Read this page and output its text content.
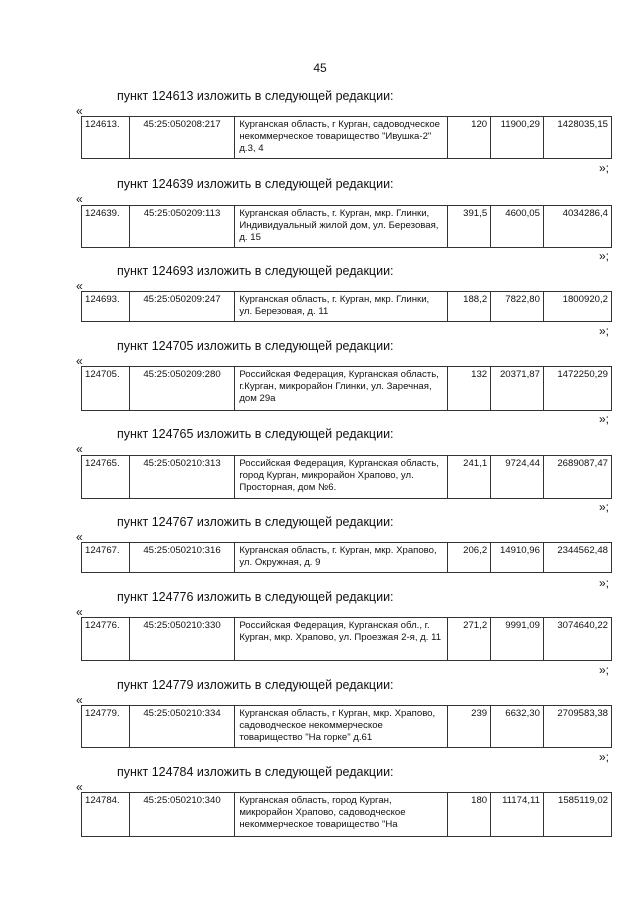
45
пункт 124613 изложить в следующей редакции:
«
124613.	45:25:050208:217	Курганская область, г Курган, садоводческое некоммерческое товарищество "Ивушка-2" д.3, 4	120	11900,29	1428035,15
»;
пункт 124639 изложить в следующей редакции:
«
124639.	45:25:050209:113	Курганская область, г. Курган, мкр. Глинки, Индивидуальный жилой дом, ул. Березовая, д. 15	391,5	4600,05	4034286,4
»;
пункт 124693 изложить в следующей редакции:
«
124693.	45:25:050209:247	Курганская область, г. Курган, мкр. Глинки, ул. Березовая, д. 11	188,2	7822,80	1800920,2
»;
пункт 124705 изложить в следующей редакции:
«
124705.	45:25:050209:280	Российская Федерация, Курганская область, г.Курган, микрорайон Глинки, ул. Заречная, дом 29а	132	20371,87	1472250,29
»;
пункт 124765 изложить в следующей редакции:
«
124765.	45:25:050210:313	Российская Федерация, Курганская область, город Курган, микрорайон Храпово, ул. Просторная, дом №6.	241,1	9724,44	2689087,47
»;
пункт 124767 изложить в следующей редакции:
«
124767.	45:25:050210:316	Курганская область, г. Курган, мкр. Храпово, ул. Окружная, д. 9	206,2	14910,96	2344562,48
»;
пункт 124776 изложить в следующей редакции:
«
124776.	45:25:050210:330	Российская Федерация, Курганская обл., г. Курган, мкр. Храпово, ул. Проезжая 2-я, д. 11	271,2	9991,09	3074640,22
»;
пункт 124779 изложить в следующей редакции:
«
124779.	45:25:050210:334	Курганская область, г Курган, мкр. Храпово, садоводческое некоммерческое товарищество "На горке" д.61	239	6632,30	2709583,38
»;
пункт 124784 изложить в следующей редакции:
«
124784.	45:25:050210:340	Курганская область, город Курган, микрорайон Храпово, садоводческое некоммерческое товарищество "На	180	11174,11	1585119,02
